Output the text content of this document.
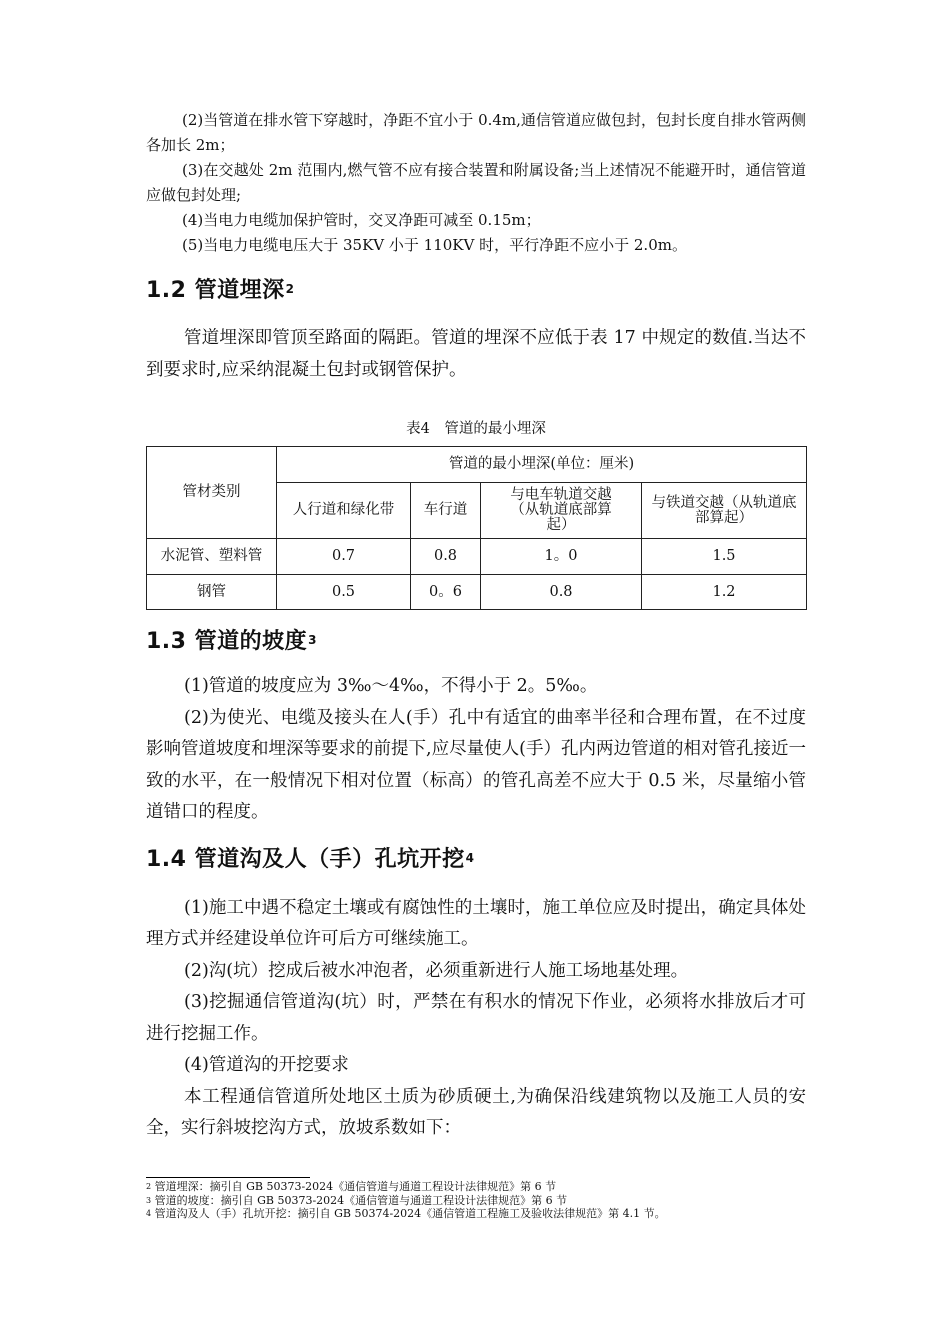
(2)当管道在排水管下穿越时，净距不宜小于 0.4m,通信管道应做包封，包封长度自排水管两侧各加长 2m；

(3)在交越处 2m 范围内,燃气管不应有接合装置和附属设备;当上述情况不能避开时，通信管道应做包封处理;

(4)当电力电缆加保护管时，交叉净距可减至 0.15m；

(5)当电力电缆电压大于 35KV 小于 110KV 时，平行净距不应小于 2.0m。

1.2 管道埋深$^2$

管道埋深即管顶至路面的隔距。管道的埋深不应低于表 17 中规定的数值.当达不到要求时,应采纳混凝土包封或钢管保护。

表4　管道的最小埋深

管材类别	管道的最小埋深(单位：厘米)			
	人行道和绿化带	车行道	与电车轨道交越（从轨道底部算起）	与铁道交越（从轨道底部算起）
水泥管、塑料管	0.7	0.8	1。0	1.5
钢管	0.5	0。6	0.8	1.2
1.3 管道的坡度$^3$

(1)管道的坡度应为 3‰～4‰，不得小于 2。5‰。

(2)为使光、电缆及接头在人(手）孔中有适宜的曲率半径和合理布置，在不过度影响管道坡度和埋深等要求的前提下,应尽量使人(手）孔内两边管道的相对管孔接近一致的水平，在一般情况下相对位置（标高）的管孔高差不应大于 0.5 米，尽量缩小管道错口的程度。

1.4 管道沟及人（手）孔坑开挖$^4$

(1)施工中遇不稳定土壤或有腐蚀性的土壤时，施工单位应及时提出，确定具体处理方式并经建设单位许可后方可继续施工。

(2)沟(坑）挖成后被水冲泡者，必须重新进行人施工场地基处理。

(3)挖掘通信管道沟(坑）时，严禁在有积水的情况下作业，必须将水排放后才可进行挖掘工作。

(4)管道沟的开挖要求

本工程通信管道所处地区土质为砂质硬土,为确保沿线建筑物以及施工人员的安全，实行斜坡挖沟方式，放坡系数如下：

$^2$ 管道埋深：摘引自 GB 50373-2024《通信管道与通道工程设计法律规范》第 6 节

$^3$ 管道的坡度：摘引自 GB 50373-2024《通信管道与通道工程设计法律规范》第 6 节

$^4$ 管道沟及人（手）孔坑开挖：摘引自 GB 50374-2024《通信管道工程施工及验收法律规范》第 4.1 节。
